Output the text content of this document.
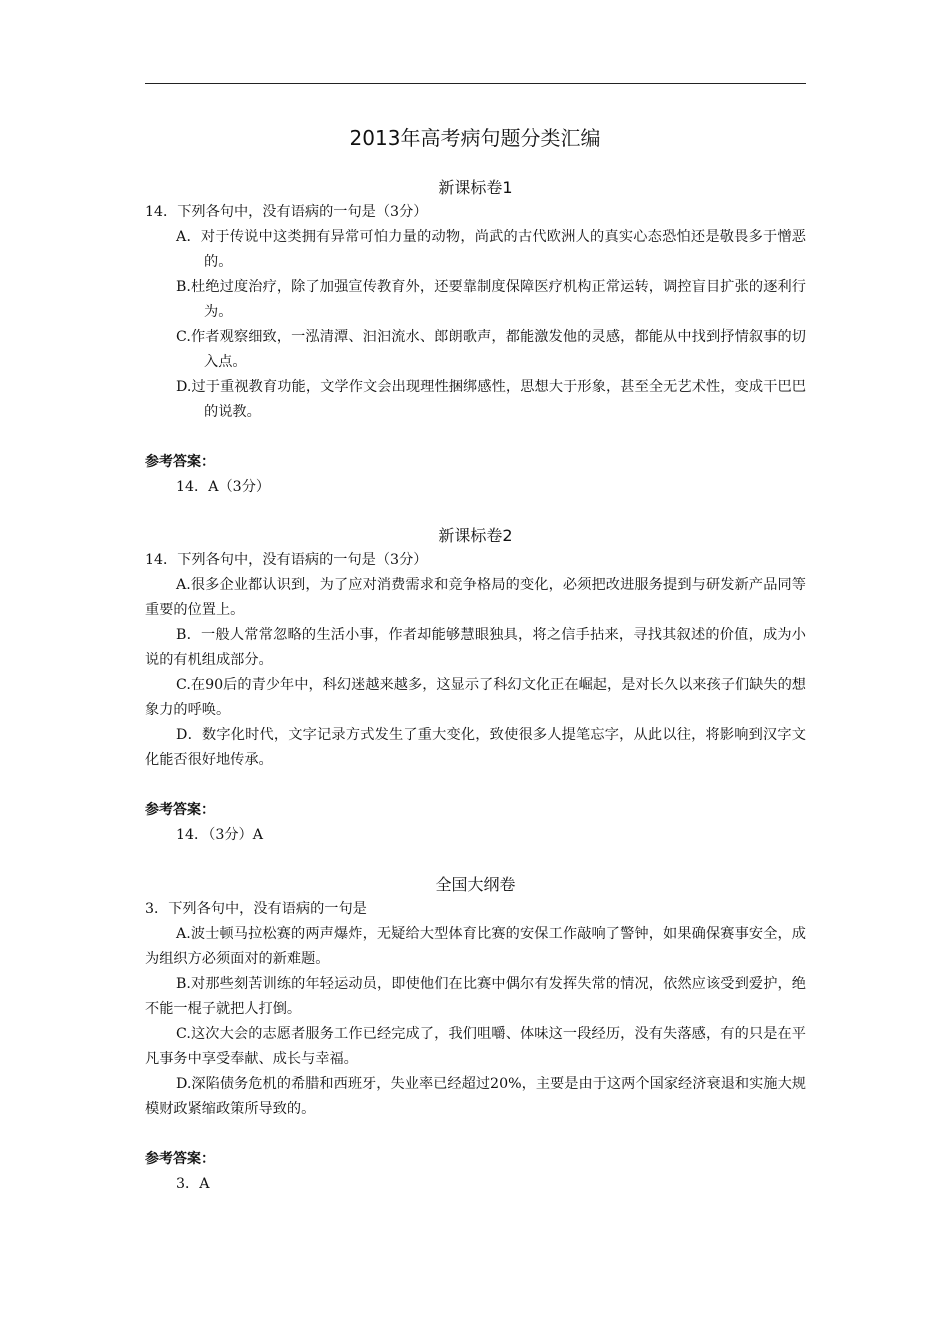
2013年高考病句题分类汇编
新课标卷1

14．下列各句中，没有语病的一句是（3分）

A．对于传说中这类拥有异常可怕力量的动物，尚武的古代欧洲人的真实心态恐怕还是敬畏多于憎恶的。

B.杜绝过度治疗，除了加强宣传教育外，还要靠制度保障医疗机构正常运转，调控盲目扩张的逐利行为。

C.作者观察细致，一泓清潭、汩汩流水、郎朗歌声，都能激发他的灵感，都能从中找到抒情叙事的切入点。

D.过于重视教育功能，文学作文会出现理性捆绑感性，思想大于形象，甚至全无艺术性，变成干巴巴的说教。

参考答案：
14．A（3分）
新课标卷2

14．下列各句中，没有语病的一句是（3分）

A.很多企业都认识到，为了应对消费需求和竞争格局的变化，必须把改进服务提到与研发新产品同等重要的位置上。

B．一般人常常忽略的生活小事，作者却能够慧眼独具，将之信手拈来，寻找其叙述的价值，成为小说的有机组成部分。

C.在90后的青少年中，科幻迷越来越多，这显示了科幻文化正在崛起，是对长久以来孩子们缺失的想象力的呼唤。

D．数字化时代，文字记录方式发生了重大变化，致使很多人提笔忘字，从此以往，将影响到汉字文化能否很好地传承。

参考答案：
14．（3分）A
全国大纲卷

3．下列各句中，没有语病的一句是

A.波士顿马拉松赛的两声爆炸，无疑给大型体育比赛的安保工作敲响了警钟，如果确保赛事安全，成为组织方必须面对的新难题。

B.对那些刻苦训练的年轻运动员，即使他们在比赛中偶尔有发挥失常的情况，依然应该受到爱护，绝不能一棍子就把人打倒。

C.这次大会的志愿者服务工作已经完成了，我们咀嚼、体味这一段经历，没有失落感，有的只是在平凡事务中享受奉献、成长与幸福。

D.深陷债务危机的希腊和西班牙，失业率已经超过20%，主要是由于这两个国家经济衰退和实施大规模财政紧缩政策所导致的。

参考答案：
3．A
